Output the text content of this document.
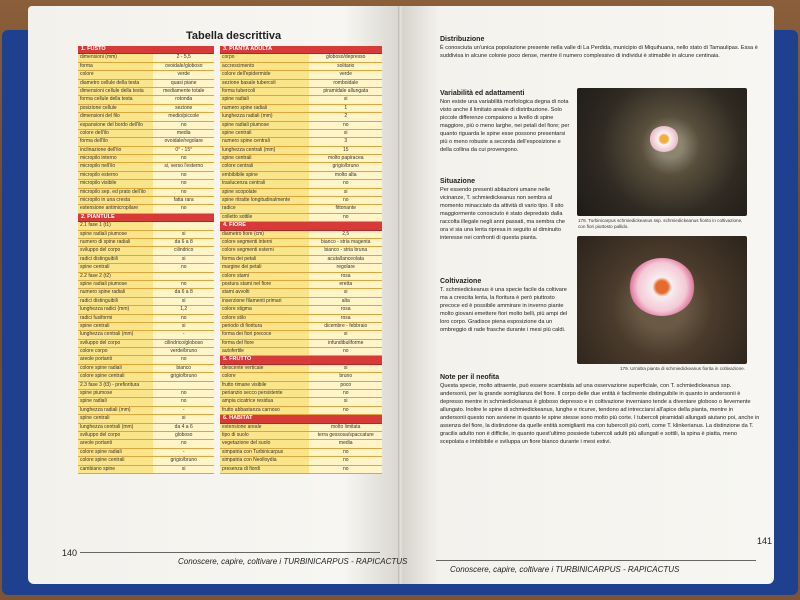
Tabella descrittiva
1. FUSTO
dimensioni (mm)	2 - 5,5
forma	ovoidale/globoso
colore	verde
diametro cellule della testa	quasi piane
dimensioni cellule della testa	mediamente totale
forma cellule della testa	rotonda
posizione cellule	sezione
dimensioni del filo	medio/piccole
espansione del bordo dell'ilo	no
colore dell'ilo	media
forma dell'ilo	ovoidale/regolare
inclinazione dell'ilo	0° - 15°
micropilo interno	no
micropilo nell'ilo	si, verso l'esterno
micropilo esterno	no
micropilo visibile	no
micropilo sep. ed prato dell'ilo	no
micropilo in una cresta	fatta rara
estensione antimicropilare	no
2. PIANTULE
2.1 fase 1 (t1)
spine radiali piumose	si
numero di spine radiali	da 6 a 8
sviluppo del corpo	cilindrico
radici distinguibili	si
spine centrali	no
2.2 fase 2 (t2)
spine radiali piumose	no
numero spine radiali	da 6 a 8
radici distinguibili	si
lunghezza radici (mm)	1,2
radici fusiformi	no
spine centrali	si
lunghezza centrali (mm)	-
sviluppo del corpo	cilindrico/globoso
colore corpo	verde/bruno
areole portanti	no
colore spine radiali	bianco
colore spine centrali	grigio/bruno
2.3 fase 3 (t3) - prefioritura
spine piumose	no
spine radiali	no
lunghezza radiali (mm)	-
spine centrali	si
lunghezza centrali (mm)	da 4 a 6
sviluppo del corpo	globoso
areole portanti	no
colore spine radiali	-
colore spine centrali	grigio/bruno
cambiano spine	si
3. PIANTA ADULTA
corpo	globoso/depresso
accrescimento	solitario
colore dell'epidermide	verde
sezione basale tubercoli	romboidale
forma tubercoli	piramidale allungata
spine radiali	si
numero spine radiali	1
lunghezza radiali (mm)	2
spine radiali piumose	no
spine centrali	si
numero spine centrali	3
lunghezza centrali (mm)	15
spine centrali	molto papiracea
colore centrali	grigio/bruno
embibibile spine	molto alta
traslucenza centrali	no
spine scopolate	si
spine ritratte longitudinalmente	no
radice	fittonante
colletto sottile	no
4. FIORE
diametro fiore (cm)	2,5
colore segmenti interni	bianco - stria magenta
colore segmenti esterni	bianco - stria bruna
forma dei petali	acuta/lanceolata
margine dei petali	regolare
colore stami	rosa
postura stami nel fiore	eretta
stami avvolti	si
inserzione filamenti primari	alta
colore stigma	rosa
colore stilo	rosa
periodo di fioritura	dicembre - febbraio
forma dei fiori precoce	si
forma del fiore	infundibuliforme
autofertile	no
5. FRUTTO
deiscente verticale	si
colore	bruno
frutto rimane visibile	poco
perianzio secco persistente	no
ampia cicatrice residua	si
frutto abbastanza carnoso	no
6. HABITAT
estensione areale	molto limitata
tipo di suolo	terra gessosa/spaccature
vegetazione del suolo	media
simpatria con Turbinicarpus	no
simpatria con Neolloydia	no
presenza di fiordi	no
140
Conoscere, capire, coltivare i TURBINICARPUS - RAPICACTUS
141
Conoscere, capire, coltivare i TURBINICARPUS - RAPICACTUS
Distribuzione

È conosciuta un'unica popolazione presente nella valle di La Perdida, municipio di Miquihuana, nello stato di Tamaulipas. Essa è suddivisa in alcune colonie poco dense, mentre il numero complessivo di individui è stimabile in alcune centinaia.

Variabilità ed adattamenti

Non esiste una variabilità morfologica degna di nota visto anche il limitato areale di distribuzione. Solo piccole differenze compaiono a livello di spine maggiore, più o meno larghe, nei petali del fiore; per quanto riguarda le spine esse possono presentarsi più o meno robuste a seconda dell'esposizione e della collina da cui provengono.

Situazione

Per essendo presenti abitazioni umane nelle vicinanze, T. schmiedickeanus non sembra al momento minacciato da attività di vario tipo. Il sito maggiormente conosciuto è stato depredato dalla raccolta illegale negli anni passati, ma sembra che ora vi sia una lenta ripresa in seguito al diminuito interesse nei confronti di questa pianta.

Coltivazione

T. schmiedickeanus è una specie facile da coltivare ma a crescita lenta, la fioritura è però piuttosto precoce ed è possibile ammirare in inverno piante molto giovani emettere fiori molto belli, più ampi del loro corpo. Gradisce piena esposizione da un ombreggio di rade frasche durante i mesi più caldi.

Note per il neofita

Questa specie, molto attraente, può essere scambiata ad una osservazione superficiale, con T. schmiedickeanus ssp. andersonii, per la grande somiglianza del fiore. Il corpo delle due entità è facilmente distinguibile in quanto in andersonii è depresso mentre in schmiedickeanus è globoso depresso e in coltivazione inverniano tende a diventare globoso o lievemente allungato. Inoltre le spine di schmiedickeanus, lunghe e ricurve, tendono ad intrecciarsi all'apice della pianta, mentre in andersonii questo non avviene in quanto le spine stesse sono molto più corte. I tubercoli piramidali allungati aiutano poi, anche in assenza del fiore, la distinzione da quelle entità somiglianti ma con tubercoli più corti, come T. klinkerianus. La distinzione da T. gracilis adulto non è difficile, in quanto quest'ultimo possiede tubercoli adulti più allungati e sottili, la spina è piatta, meno scepolata e imbibibile e sviluppa un fiore bianco durante i mesi estivi.

178. Turbinicarpus schmiedickeanus ssp. schmiedickeanus fiorito in coltivazione, con fiori piuttosto pallido.
179. Un'altra pianta di schmiedickeanus fiorita in coltivazione.
